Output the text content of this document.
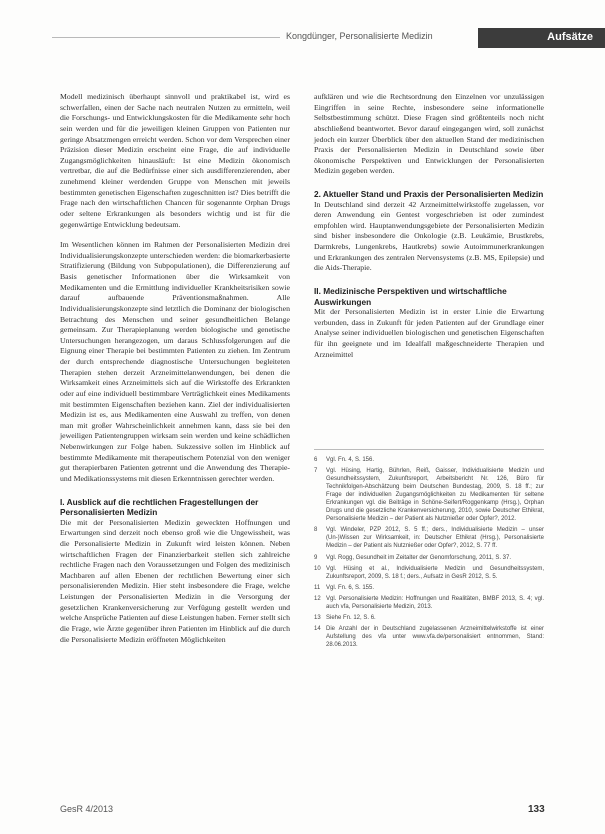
Kongdünger, Personalisierte Medizin	Aufsätze

Modell medizinisch überhaupt sinnvoll und praktikabel ist, wird es schwerfallen, einen der Sache nach neutralen Nutzen zu ermitteln, weil die Forschungs- und Entwicklungskosten für die Medikamente sehr hoch sein werden und für die jeweiligen kleinen Gruppen von Patienten nur geringe Absatzmengen erreicht werden. Schon vor dem Versprechen einer Präzision dieser Medizin erscheint eine Frage, die auf individuelle Zugangsmöglichkeiten hinausläuft: Ist eine Medizin ökonomisch vertretbar, die auf die Bedürfnisse einer sich ausdifferenzierenden, aber zunehmend kleiner werdenden Gruppe von Menschen mit jeweils bestimmten genetischen Eigenschaften zugeschnitten ist? Dies betrifft die Frage nach den wirtschaftlichen Chancen für sogenannte Orphan Drugs oder seltene Erkrankungen als besonders wichtig und ist für die gegenwärtige Entwicklung bedeutsam.

Im Wesentlichen können im Rahmen der Personalisierten Medizin drei Individualisierungskonzepte unterschieden werden: die biomarkerbasierte Stratifizierung (Bildung von Subpopulationen), die Differenzierung auf Basis genetischer Informationen über die Wirksamkeit von Medikamenten und die Ermittlung individueller Krankheitsrisiken sowie darauf aufbauende Präventionsmaßnahmen. Alle Individualisierungskonzepte sind letztlich die Dominanz der biologischen Betrachtung des Menschen und seiner gesundheitlichen Belange gemeinsam. Zur Therapieplanung werden biologische und genetische Untersuchungen herangezogen, um daraus Schlussfolgerungen auf die Eignung einer Therapie bei bestimmten Patienten zu ziehen. Im Zentrum der durch entsprechende diagnostische Untersuchungen begleiteten Therapien stehen derzeit Arzneimittelanwendungen, bei denen die Wirksamkeit eines Arzneimittels sich auf die Wirkstoffe des Erkrankten oder auf eine individuell bestimmbare Verträglichkeit eines Medikaments mit bestimmten Eigenschaften beziehen kann. Ziel der individualisierten Medizin ist es, aus Medikamenten eine Auswahl zu treffen, von denen man mit großer Wahrscheinlichkeit annehmen kann, dass sie bei den jeweiligen Patientengruppen wirksam sein werden und keine schädlichen Nebenwirkungen zur Folge haben. Sukzessive sollen im Hinblick auf bestimmte Medikamente mit therapeutischem Potenzial von den weniger gut therapierbaren Patienten getrennt und die Anwendung des Therapie- und Medikationssystems mit diesen Erkenntnissen gerechter werden.

I. Ausblick auf die rechtlichen Fragestellungen der Personalisierten Medizin

Die mit der Personalisierten Medizin geweckten Hoffnungen und Erwartungen sind derzeit noch ebenso groß wie die Ungewissheit, was die Personalisierte Medizin in Zukunft wird leisten können. Neben wirtschaftlichen Fragen der Finanzierbarkeit stellen sich zahlreiche rechtliche Fragen nach den Voraussetzungen und Folgen des medizinisch Machbaren auf allen Ebenen der rechtlichen Bewertung einer sich personalisierenden Medizin. Hier steht insbesondere die Frage, welche Leistungen der Personalisierten Medizin in die Versorgung der gesetzlichen Krankenversicherung zur Verfügung gestellt werden und welche Ansprüche Patienten auf diese Leistungen haben. Ferner stellt sich die Frage, wie Ärzte gegenüber ihren Patienten im Hinblick auf die durch die Personalisierte Medizin eröffneten Möglichkeiten

aufklären und wie die Rechtsordnung den Einzelnen vor unzulässigen Eingriffen in seine Rechte, insbesondere seine informationelle Selbstbestimmung schützt. Diese Fragen sind größtenteils noch nicht abschließend beantwortet. Bevor darauf eingegangen wird, soll zunächst jedoch ein kurzer Überblick über den aktuellen Stand der medizinischen Praxis der Personalisierten Medizin in Deutschland sowie über ökonomische Perspektiven und Entwicklungen der Personalisierten Medizin gegeben werden.

2. Aktueller Stand und Praxis der Personalisierten Medizin

In Deutschland sind derzeit 42 Arzneimittelwirkstoffe zugelassen, vor deren Anwendung ein Gentest vorgeschrieben ist oder zumindest empfohlen wird. Hauptanwendungsgebiete der Personalisierten Medizin sind bisher insbesondere die Onkologie (z.B. Leukämie, Brustkrebs, Darmkrebs, Lungenkrebs, Hautkrebs) sowie Autoimmunerkrankungen und Erkrankungen des zentralen Nervensystems (z.B. MS, Epilepsie) und die Aids-Therapie.

II. Medizinische Perspektiven und wirtschaftliche Auswirkungen

Mit der Personalisierten Medizin ist in erster Linie die Erwartung verbunden, dass in Zukunft für jeden Patienten auf der Grundlage einer Analyse seiner individuellen biologischen und genetischen Eigenschaften für ihn geeignete und im Idealfall maßgeschneiderte Therapien und Arzneimittel

6	Vgl. Fn. 4, S. 156.
7	Vgl. Hüsing, Hartig, Bührlen, Reiß, Gaisser, Individualisierte Medizin und Gesundheitssystem, Zukunftsreport, Arbeitsbericht Nr. 126, Büro für Technikfolgen-Abschätzung beim Deutschen Bundestag, 2009, S. 18 ff.; zur Frage der individuellen Zugangsmöglichkeiten zu Medikamenten für seltene Erkrankungen vgl. die Beiträge in Schöne-Seifert/Roggenkamp (Hrsg.), Orphan Drugs und die gesetzliche Krankenversicherung, 2010, sowie Deutscher Ethikrat, Personalisierte Medizin – der Patient als Nutznießer oder Opfer?, 2012.
8	Vgl. Windeler, PZP 2012, S. 5 ff.; ders., Individualisierte Medizin – unser (Un-)Wissen zur Wirksamkeit, in: Deutscher Ethikrat (Hrsg.), Personalisierte Medizin – der Patient als Nutznießer oder Opfer?, 2012, S. 77 ff.
9	Vgl. Rogg, Gesundheit im Zeitalter der Genomforschung, 2011, S. 37.
10 Vgl. Hüsing et al., Individualisierte Medizin und Gesundheitssystem, Zukunftsreport, 2009, S. 18 f.; ders., Aufsatz in GesR 2012, S. 5.
11 Vgl. Fn. 6, S. 155.
12 Vgl. Personalisierte Medizin: Hoffnungen und Realitäten, BMBF 2013, S. 4; vgl. auch vfa, Personalisierte Medizin, 2013.
13 Siehe Fn. 12, S. 6.
14 Die Anzahl der in Deutschland zugelassenen Arzneimittelwirkstoffe ist einer Aufstellung des vfa unter www.vfa.de/personalisiert entnommen, Stand: 28.06.2013.
GesR 4/2013	133
